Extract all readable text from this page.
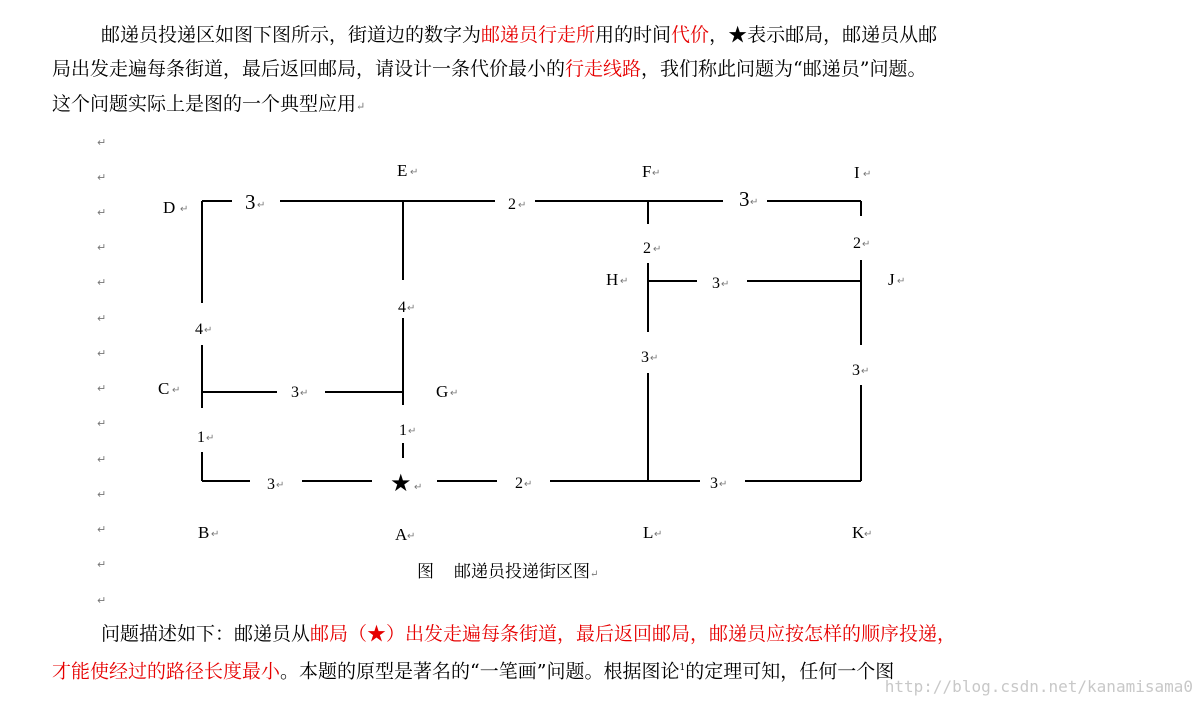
邮递员投递区如图下图所示，街道边的数字为邮递员行走所用的时间代价，★表示邮局，邮递员从邮
局出发走遍每条街道，最后返回邮局，请设计一条代价最小的行走线路，我们称此问题为“邮递员”问题。
这个问题实际上是图的一个典型应用↵
↵
↵
↵
↵
↵
↵
↵
↵
↵
↵
↵
↵
↵
↵
D
E	F	I
H	J
C	G
B	A	L	K
3	2	3
2
3
2
4
4
3
1	1
3
3
3	2	3
★
↵	↵
↵
↵
↵
↵
↵
↵	↵
↵	↵	↵
↵
↵
↵
↵
↵	↵	↵
↵
↵
↵	↵	↵	↵
↵	↵	↵	↵
图 邮递员投递街区图↵
问题描述如下：邮递员从邮局（★）出发走遍每条街道，最后返回邮局，邮递员应按怎样的顺序投递，
才能使经过的路径长度最小。本题的原型是著名的“一笔画”问题。根据图论$^1$的定理可知，任何一个图
http://blog.csdn.net/kanamisama0
